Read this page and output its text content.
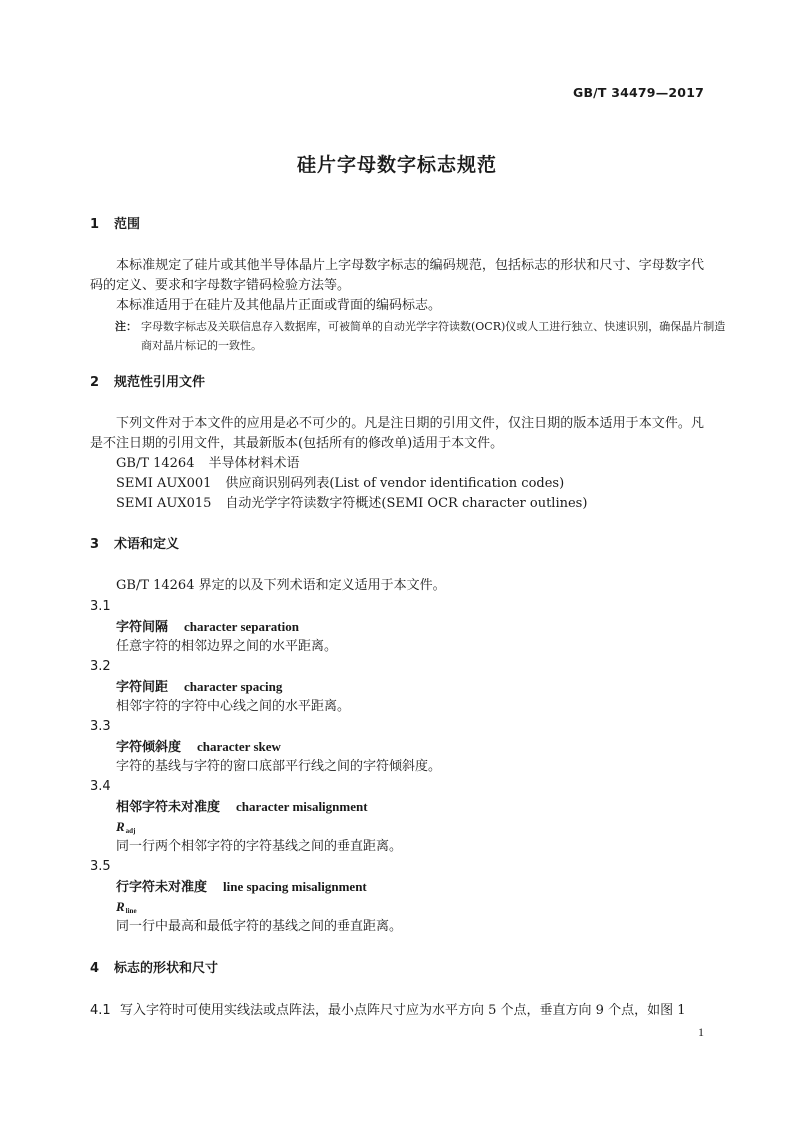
GB/T 34479—2017
硅片字母数字标志规范
1 范围
本标准规定了硅片或其他半导体晶片上字母数字标志的编码规范，包括标志的形状和尺寸、字母数字代码的定义、要求和字母数字错码检验方法等。
本标准适用于在硅片及其他晶片正面或背面的编码标志。
注： 字母数字标志及关联信息存入数据库，可被简单的自动光学字符读数(OCR)仪或人工进行独立、快速识别，确保晶片制造商对晶片标记的一致性。
2 规范性引用文件
下列文件对于本文件的应用是必不可少的。凡是注日期的引用文件，仅注日期的版本适用于本文件。凡是不注日期的引用文件，其最新版本(包括所有的修改单)适用于本文件。
GB/T 14264 半导体材料术语
SEMI AUX001 供应商识别码列表(List of vendor identification codes)
SEMI AUX015 自动光学字符读数字符概述(SEMI OCR character outlines)
3 术语和定义
GB/T 14264 界定的以及下列术语和定义适用于本文件。
3.1
字符间隔 character separation
任意字符的相邻边界之间的水平距离。
3.2
字符间距 character spacing
相邻字符的字符中心线之间的水平距离。
3.3
字符倾斜度 character skew
字符的基线与字符的窗口底部平行线之间的字符倾斜度。
3.4
相邻字符未对准度 character misalignment
$R_{adj}$
同一行两个相邻字符的字符基线之间的垂直距离。
3.5
行字符未对准度 line spacing misalignment
$R_{line}$
同一行中最高和最低字符的基线之间的垂直距离。
4 标志的形状和尺寸
4.1 写入字符时可使用实线法或点阵法，最小点阵尺寸应为水平方向 5 个点，垂直方向 9 个点，如图 1
1
